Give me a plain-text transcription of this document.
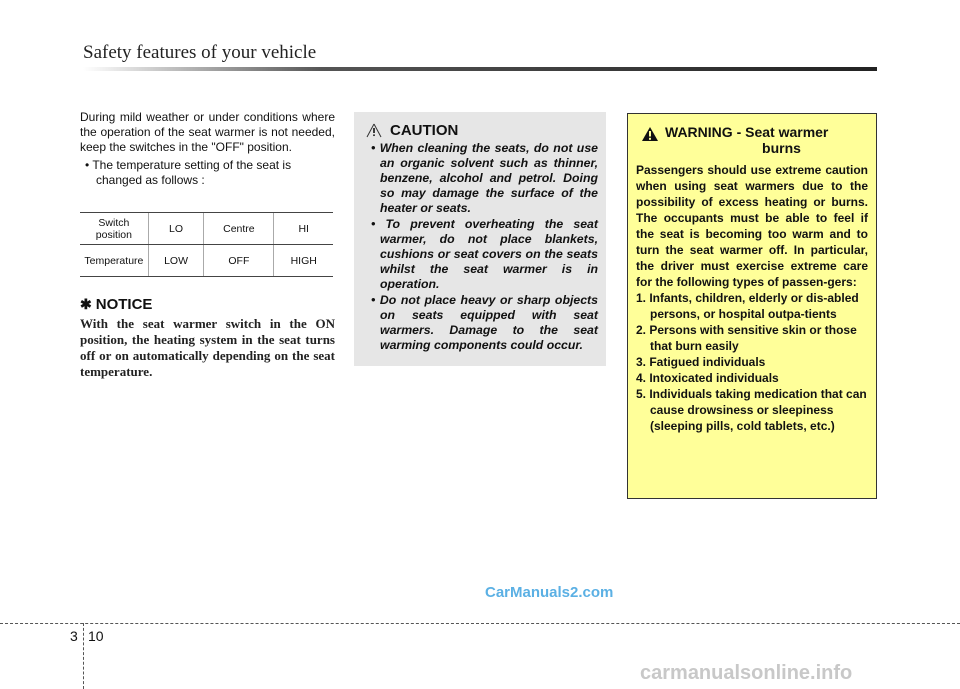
Safety features of your vehicle

During mild weather or under conditions where the operation of the seat warmer is not needed, keep the switches in the "OFF" position.

• The temperature setting of the seat is changed as follows :

Switch position	LO	Centre	HI
Temperature	LOW	OFF	HIGH
✱ NOTICE

With the seat warmer switch in the ON position, the heating system in the seat turns off or on automatically depending on the seat temperature.

CAUTION
• When cleaning the seats, do not use an organic solvent such as thinner, benzene, alcohol and petrol. Doing so may damage the surface of the heater or seats.
• To prevent overheating the seat warmer, do not place blankets, cushions or seat covers on the seats whilst the seat warmer is in operation.
• Do not place heavy or sharp objects on seats equipped with seat warmers. Damage to the seat warming components could occur.
WARNING - Seat warmer
burns

Passengers should use extreme caution when using seat warmers due to the possibility of excess heating or burns. The occupants must be able to feel if the seat is becoming too warm and to turn the seat warmer off. In particular, the driver must exercise extreme care for the following types of passen-gers:

1. Infants, children, elderly or dis-abled persons, or hospital outpa-tients
2. Persons with sensitive skin or those that burn easily
3. Fatigued individuals
4. Intoxicated individuals
5. Individuals taking medication that can cause drowsiness or sleepiness (sleeping pills, cold tablets, etc.)
CarManuals2.com
3 10
carmanualsonline.info
